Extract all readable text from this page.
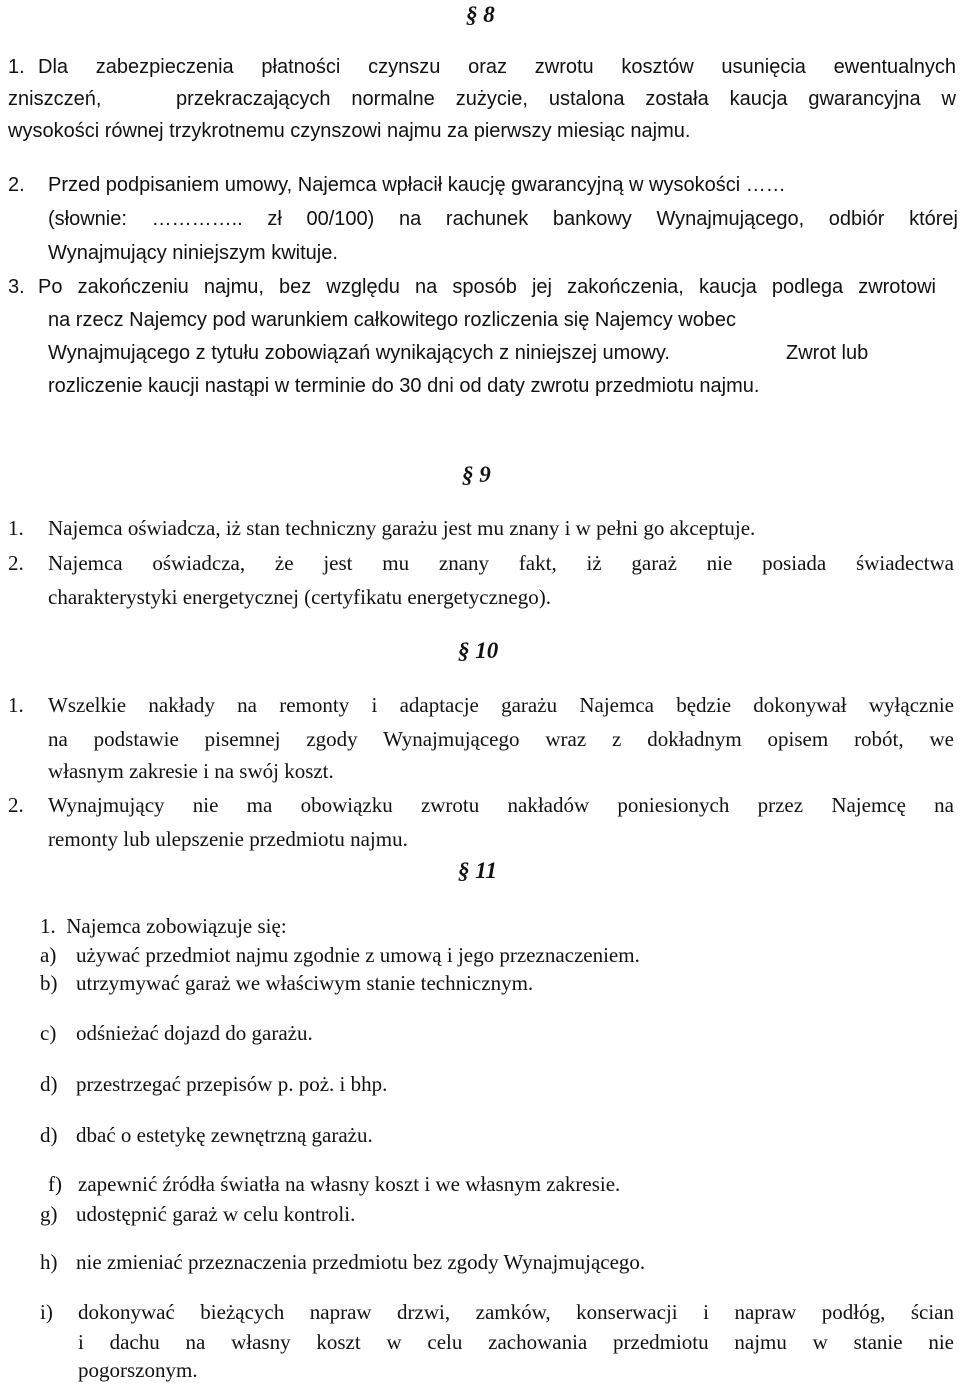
§ 8
1. Dla zabezpieczenia płatności czynszu oraz zwrotu kosztów usunięcia ewentualnych
zniszczeń,	przekraczających normalne zużycie, ustalona została kaucja gwarancyjna w
wysokości równej trzykrotnemu czynszowi najmu za pierwszy miesiąc najmu.
2. Przed podpisaniem umowy, Najemca wpłacił kaucję gwarancyjną w wysokości ……
(słownie: ………….. zł 00/100) na rachunek bankowy Wynajmującego, odbiór której
Wynajmujący niniejszym kwituje.
3. Po zakończeniu najmu, bez względu na sposób jej zakończenia, kaucja podlega zwrotowi
na rzecz Najemcy pod warunkiem całkowitego rozliczenia się Najemcy wobec
Wynajmującego z tytułu zobowiązań wynikających z niniejszej umowy.	Zwrot lub
rozliczenie kaucji nastąpi w terminie do 30 dni od daty zwrotu przedmiotu najmu.
§ 9
1. Najemca oświadcza, iż stan techniczny garażu jest mu znany i w pełni go akceptuje.
2. Najemca oświadcza, że jest mu znany fakt, iż garaż nie posiada świadectwa
charakterystyki energetycznej (certyfikatu energetycznego).
§ 10
1. Wszelkie nakłady na remonty i adaptacje garażu Najemca będzie dokonywał wyłącznie
na podstawie pisemnej zgody Wynajmującego wraz z dokładnym opisem robót, we
własnym zakresie i na swój koszt.
2. Wynajmujący nie ma obowiązku zwrotu nakładów poniesionych przez Najemcę na
remonty lub ulepszenie przedmiotu najmu.
§ 11
1.  Najemca zobowiązuje się:
a) używać przedmiot najmu zgodnie z umową i jego przeznaczeniem.
b) utrzymywać garaż we właściwym stanie technicznym.
c) odśnieżać dojazd do garażu.
d) przestrzegać przepisów p. poż. i bhp.
d) dbać o estetykę zewnętrzną garażu.
f) zapewnić źródła światła na własny koszt i we własnym zakresie.
g) udostępnić garaż w celu kontroli.
h) nie zmieniać przeznaczenia przedmiotu bez zgody Wynajmującego.
i) dokonywać bieżących napraw drzwi, zamków, konserwacji i napraw podłóg, ścian
i dachu na własny koszt w celu zachowania przedmiotu najmu w stanie nie
pogorszonym.
